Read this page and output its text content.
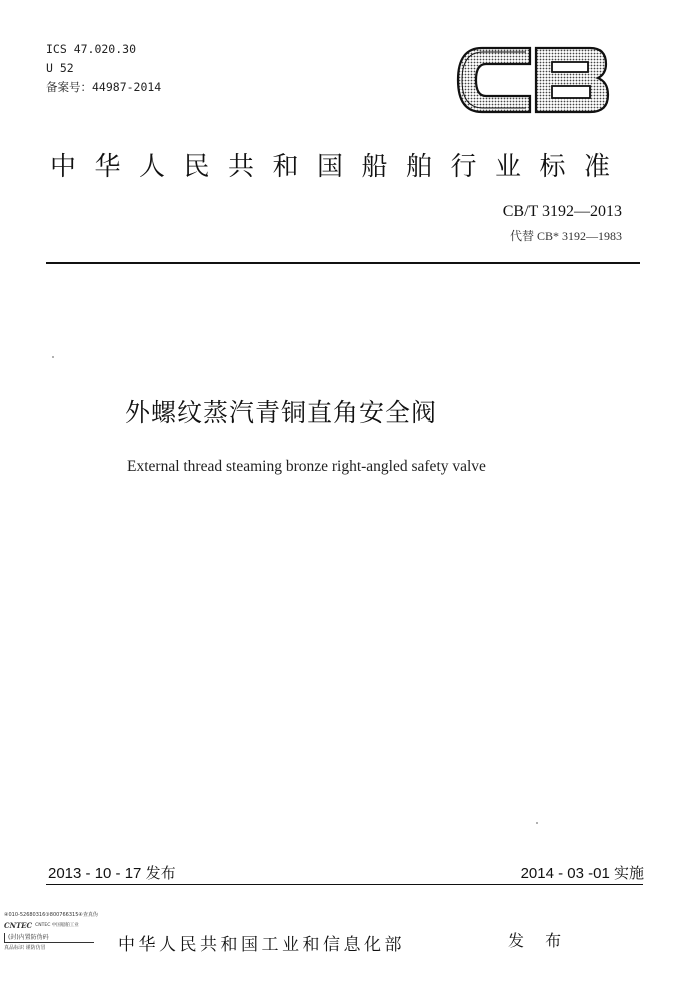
ICS 47.020.30
U 52
备案号：44987-2014
中华人民共和国船舶行业标准
CB/T 3192—2013
代替 CB* 3192—1983
外螺纹蒸汽青铜直角安全阀
External thread steaming bronze right-angled safety valve
2013 - 10 - 17 发布	2014 - 03 -01 实施
④010-52680316③800766315④查真伪
CNTEC CNTEC 中国船舶工业
(封)内置防伪码
真品标识 谨防仿冒	中华人民共和国工业和信息化部	发 布
